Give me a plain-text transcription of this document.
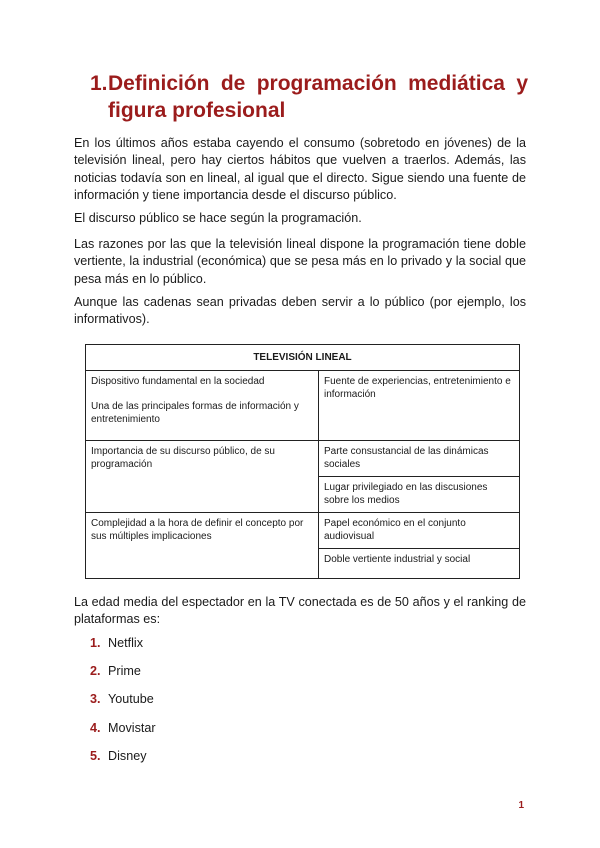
1.Definición de programación mediática y
figura profesional

En los últimos años estaba cayendo el consumo (sobretodo en jóvenes) de la televisión lineal, pero hay ciertos hábitos que vuelven a traerlos. Además, las noticias todavía son en lineal, al igual que el directo. Sigue siendo una fuente de información y tiene importancia desde el discurso público.

El discurso público se hace según la programación.

Las razones por las que la televisión lineal dispone la programación tiene doble vertiente, la industrial (económica) que se pesa más en lo privado y la social que pesa más en lo público.

Aunque las cadenas sean privadas deben servir a lo público (por ejemplo, los informativos).

TELEVISIÓN LINEAL	

Dispositivo fundamental en la sociedad
Una de las principales formas de información y entretenimiento	Fuente de experiencias, entretenimiento e información
Importancia de su discurso público, de su programación	Parte consustancial de las dinámicas sociales
	Lugar privilegiado en las discusiones sobre los medios
Complejidad a la hora de definir el concepto por sus múltiples implicaciones	Papel económico en el conjunto audiovisual
	Doble vertiente industrial y social

La edad media del espectador en la TV conectada es de 50 años y el ranking de plataformas es:

1. Netflix
2. Prime
3. Youtube
4. Movistar
5. Disney
1
